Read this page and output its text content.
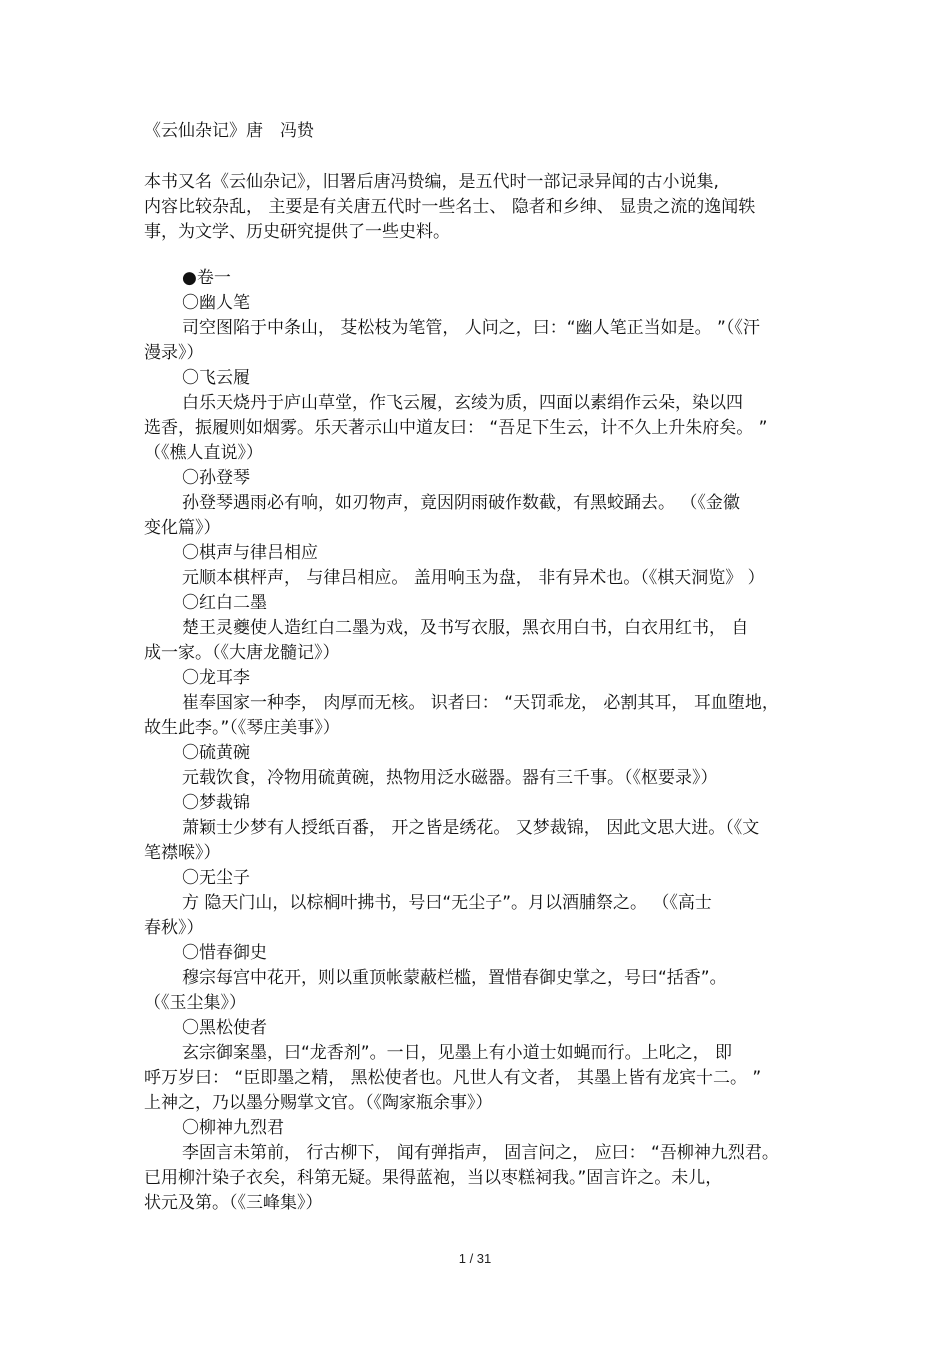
《云仙杂记》唐　冯贽
本书又名《云仙杂记》，旧署后唐冯贽编，是五代时一部记录异闻的古小说集,
内容比较杂乱， 主要是有关唐五代时一些名士、 隐者和乡绅、 显贵之流的逸闻轶
事，为文学、历史研究提供了一些史料。
●卷一
〇幽人笔
司空图陷于中条山， 芟松枝为笔管， 人问之，曰：“幽人笔正当如是。 ”（《汗
漫录》）
〇飞云履
白乐天烧丹于庐山草堂，作飞云履，玄绫为质，四面以素绢作云朵，染以四
选香，振履则如烟雾。乐天著示山中道友曰： “吾足下生云，计不久上升朱府矣。 ”
（《樵人直说》）
〇孙登琴
孙登琴遇雨必有响，如刃物声，竟因阴雨破作数截，有黑蛟踊去。 （《金徽
变化篇》）
〇棋声与律吕相应
元顺本棋枰声， 与律吕相应。 盖用响玉为盘， 非有异术也。（《棋天洞览》 ）
〇红白二墨
楚王灵夔使人造红白二墨为戏，及书写衣服，黑衣用白书，白衣用红书， 自
成一家。（《大唐龙髓记》）
〇龙耳李
崔奉国家一种李， 肉厚而无核。 识者曰： “天罚乖龙， 必割其耳， 耳血堕地，
故生此李。”（《琴庄美事》）
〇硫黄碗
元载饮食，冷物用硫黄碗，热物用泛水磁器。器有三千事。（《枢要录》）
〇梦裁锦
萧颖士少梦有人授纸百番， 开之皆是绣花。 又梦裁锦， 因此文思大进。（《文
笔襟喉》）
〇无尘子
方 隐天门山，以棕榈叶拂书，号曰“无尘子”。月以酒脯祭之。 （《高士
春秋》）
〇惜春御史
穆宗每宫中花开，则以重顶帐蒙蔽栏槛，置惜春御史掌之，号曰“括香”。
（《玉尘集》）
〇黑松使者
玄宗御案墨，曰“龙香剂”。一日，见墨上有小道士如蝇而行。上叱之， 即
呼万岁曰： “臣即墨之精， 黑松使者也。凡世人有文者， 其墨上皆有龙宾十二。 ”
上神之，乃以墨分赐掌文官。（《陶家瓶余事》）
〇柳神九烈君
李固言未第前， 行古柳下， 闻有弹指声， 固言问之， 应曰： “吾柳神九烈君。
已用柳汁染子衣矣，科第无疑。果得蓝袍，当以枣糕祠我。”固言许之。未儿，
状元及第。（《三峰集》）
1 / 31
